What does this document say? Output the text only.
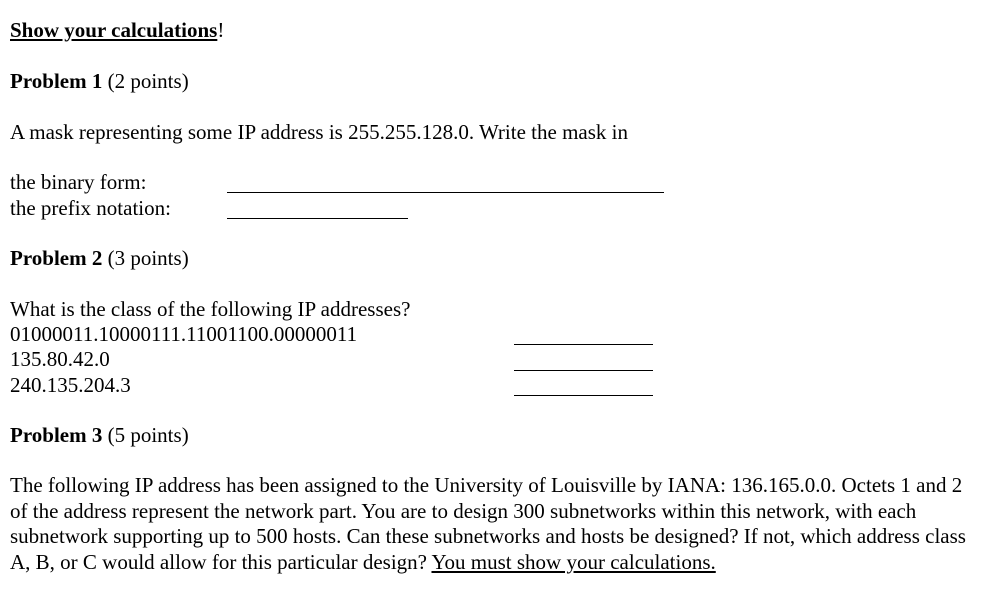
Show your calculations!
Problem 1 (2 points)
A mask representing some IP address is 255.255.128.0. Write the mask in
the binary form:
the prefix notation:
Problem 2 (3 points)
What is the class of the following IP addresses?
01000011.10000111.11001100.00000011
135.80.42.0
240.135.204.3
Problem 3 (5 points)
The following IP address has been assigned to the University of Louisville by IANA: 136.165.0.0. Octets 1 and 2 of the address represent the network part. You are to design 300 subnetworks within this network, with each subnetwork supporting up to 500 hosts. Can these subnetworks and hosts be designed? If not, which address class A, B, or C would allow for this particular design? You must show your calculations.
